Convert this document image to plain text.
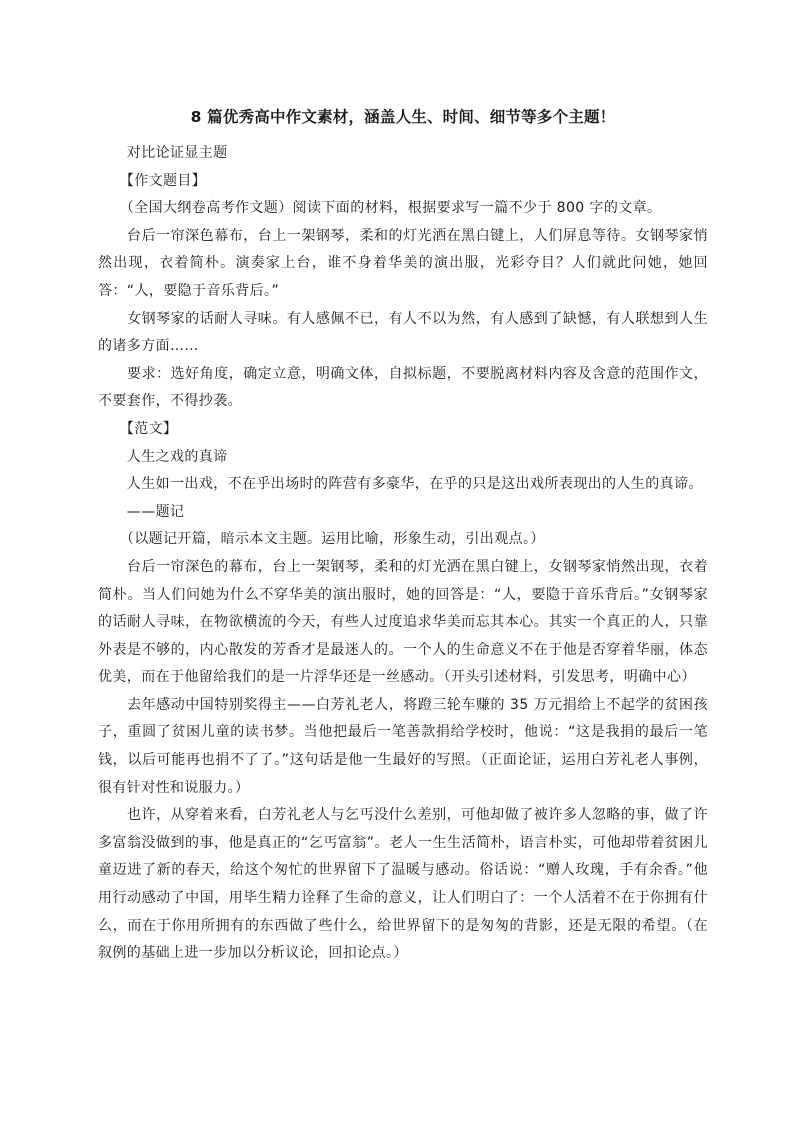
8 篇优秀高中作文素材，涵盖人生、时间、细节等多个主题！

　　对比论证显主题

　　【作文题目】

　　（全国大纲卷高考作文题）阅读下面的材料，根据要求写一篇不少于 800 字的文章。

　　台后一帘深色幕布，台上一架钢琴，柔和的灯光洒在黑白键上，人们屏息等待。女钢琴家悄然出现，衣着简朴。演奏家上台，谁不身着华美的演出服，光彩夺目？人们就此问她，她回答：“人，要隐于音乐背后。”

　　女钢琴家的话耐人寻味。有人感佩不已，有人不以为然，有人感到了缺憾，有人联想到人生的诸多方面……

　　要求：选好角度，确定立意，明确文体，自拟标题，不要脱离材料内容及含意的范围作文，不要套作，不得抄袭。

　　【范文】

　　人生之戏的真谛

　　人生如一出戏，不在乎出场时的阵营有多豪华，在乎的只是这出戏所表现出的人生的真谛。

　　——题记

　　（以题记开篇，暗示本文主题。运用比喻，形象生动，引出观点。）

　　台后一帘深色的幕布，台上一架钢琴，柔和的灯光洒在黑白键上，女钢琴家悄然出现，衣着简朴。当人们问她为什么不穿华美的演出服时，她的回答是：“人，要隐于音乐背后。”女钢琴家的话耐人寻味，在物欲横流的今天，有些人过度追求华美而忘其本心。其实一个真正的人，只靠外表是不够的，内心散发的芳香才是最迷人的。一个人的生命意义不在于他是否穿着华丽，体态优美，而在于他留给我们的是一片浮华还是一丝感动。（开头引述材料，引发思考，明确中心）

　　去年感动中国特别奖得主——白芳礼老人，将蹬三轮车赚的 35 万元捐给上不起学的贫困孩子，重圆了贫困儿童的读书梦。当他把最后一笔善款捐给学校时，他说：“这是我捐的最后一笔钱，以后可能再也捐不了了。”这句话是他一生最好的写照。（正面论证，运用白芳礼老人事例，很有针对性和说服力。）

　　也许，从穿着来看，白芳礼老人与乞丐没什么差别，可他却做了被许多人忽略的事，做了许多富翁没做到的事，他是真正的“乞丐富翁”。老人一生生活简朴，语言朴实，可他却带着贫困儿童迈进了新的春天，给这个匆忙的世界留下了温暖与感动。俗话说：“赠人玫瑰，手有余香。”他用行动感动了中国，用毕生精力诠释了生命的意义，让人们明白了：一个人活着不在于你拥有什么，而在于你用所拥有的东西做了些什么，给世界留下的是匆匆的背影，还是无限的希望。（在叙例的基础上进一步加以分析议论，回扣论点。）
